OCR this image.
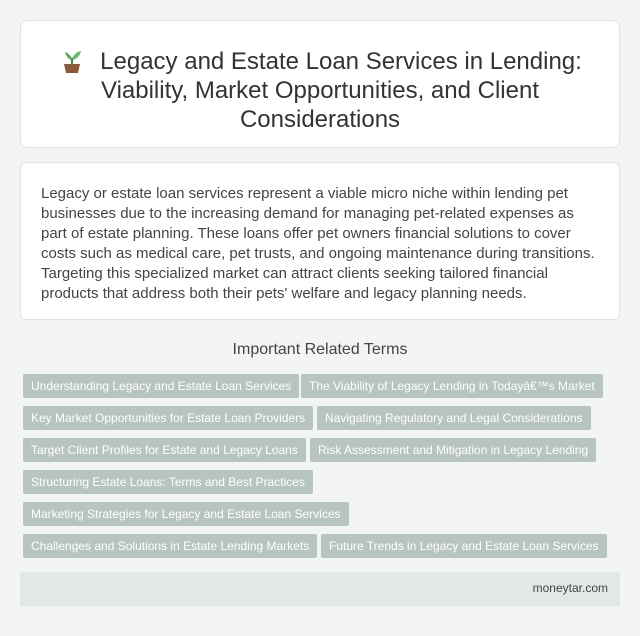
Legacy and Estate Loan Services in Lending: Viability, Market Opportunities, and Client Considerations

Legacy or estate loan services represent a viable micro niche within lending pet businesses due to the increasing demand for managing pet-related expenses as part of estate planning. These loans offer pet owners financial solutions to cover costs such as medical care, pet trusts, and ongoing maintenance during transitions. Targeting this specialized market can attract clients seeking tailored financial products that address both their pets' welfare and legacy planning needs.

Important Related Terms
Understanding Legacy and Estate Loan Services	The Viability of Legacy Lending in Todayâ€™s Market
Key Market Opportunities for Estate Loan Providers	Navigating Regulatory and Legal Considerations
Target Client Profiles for Estate and Legacy Loans	Risk Assessment and Mitigation in Legacy Lending
Structuring Estate Loans: Terms and Best Practices
Marketing Strategies for Legacy and Estate Loan Services
Challenges and Solutions in Estate Lending Markets	Future Trends in Legacy and Estate Loan Services
moneytar.com
